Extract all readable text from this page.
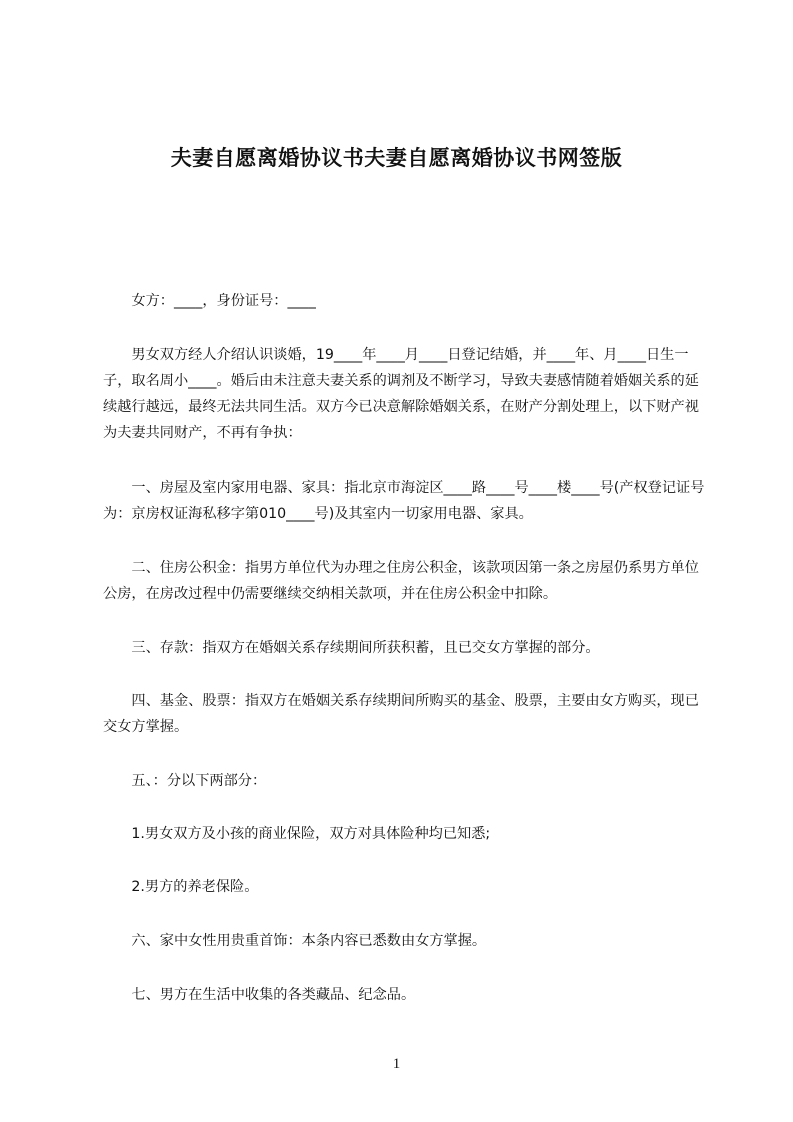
夫妻自愿离婚协议书夫妻自愿离婚协议书网签版

　　女方：____，身份证号：____

　　男女双方经人介绍认识谈婚，19____年____月____日登记结婚，并____年、月____日生一子，取名周小____。婚后由未注意夫妻关系的调剂及不断学习，导致夫妻感情随着婚姻关系的延续越行越远，最终无法共同生活。双方今已决意解除婚姻关系，在财产分割处理上，以下财产视为夫妻共同财产，不再有争执：

　　一、房屋及室内家用电器、家具：指北京市海淀区____路____号____楼____号(产权登记证号为：京房权证海私移字第010____号)及其室内一切家用电器、家具。

　　二、住房公积金：指男方单位代为办理之住房公积金，该款项因第一条之房屋仍系男方单位公房，在房改过程中仍需要继续交纳相关款项，并在住房公积金中扣除。

　　三、存款：指双方在婚姻关系存续期间所获积蓄，且已交女方掌握的部分。

　　四、基金、股票：指双方在婚姻关系存续期间所购买的基金、股票，主要由女方购买，现已交女方掌握。

　　五、：分以下两部分：

　　1.男女双方及小孩的商业保险，双方对具体险种均已知悉;

　　2.男方的养老保险。

　　六、家中女性用贵重首饰：本条内容已悉数由女方掌握。

　　七、男方在生活中收集的各类藏品、纪念品。

1
